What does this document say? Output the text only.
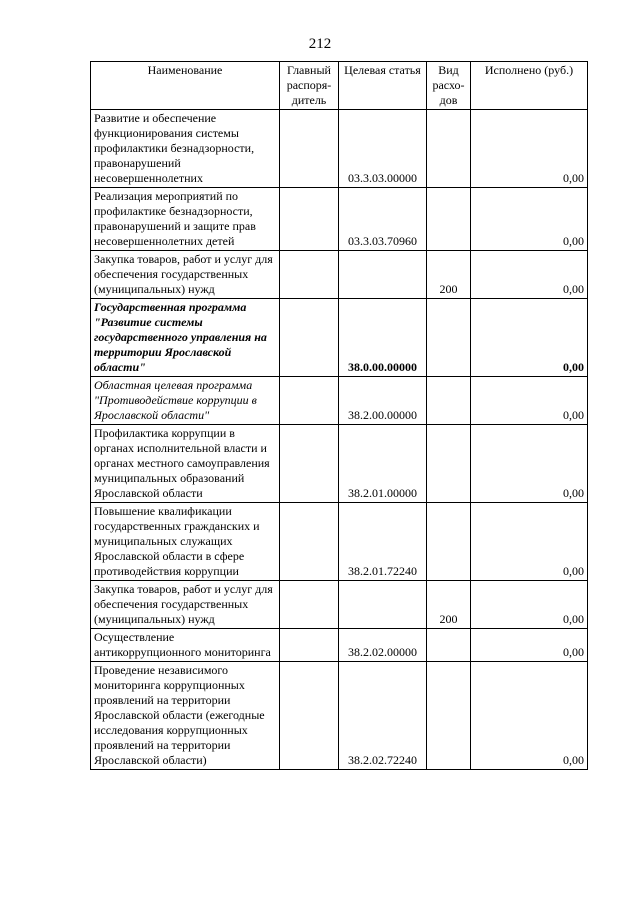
212
Наименование	Главный распоря-дитель	Целевая статья	Вид расхо-дов	Исполнено (руб.)
Развитие и обеспечение функционирования системы профилактики безнадзорности, правонарушений несовершеннолетних		03.3.03.00000		0,00
Реализация мероприятий по профилактике безнадзорности, правонарушений и защите прав несовершеннолетних детей		03.3.03.70960		0,00
Закупка товаров, работ и услуг для обеспечения государственных (муниципальных) нужд			200	0,00
Государственная программа "Развитие системы государственного управления на территории Ярославской области"		38.0.00.00000		0,00
Областная целевая программа "Противодействие коррупции в Ярославской области"		38.2.00.00000		0,00
Профилактика коррупции в органах исполнительной власти и органах местного самоуправления муниципальных образований Ярославской области		38.2.01.00000		0,00
Повышение квалификации государственных гражданских и муниципальных служащих Ярославской области в сфере противодействия коррупции		38.2.01.72240		0,00
Закупка товаров, работ и услуг для обеспечения государственных (муниципальных) нужд			200	0,00
Осуществление антикоррупционного мониторинга		38.2.02.00000		0,00
Проведение независимого мониторинга коррупционных проявлений на территории Ярославской области (ежегодные исследования коррупционных проявлений на территории Ярославской области)		38.2.02.72240		0,00
